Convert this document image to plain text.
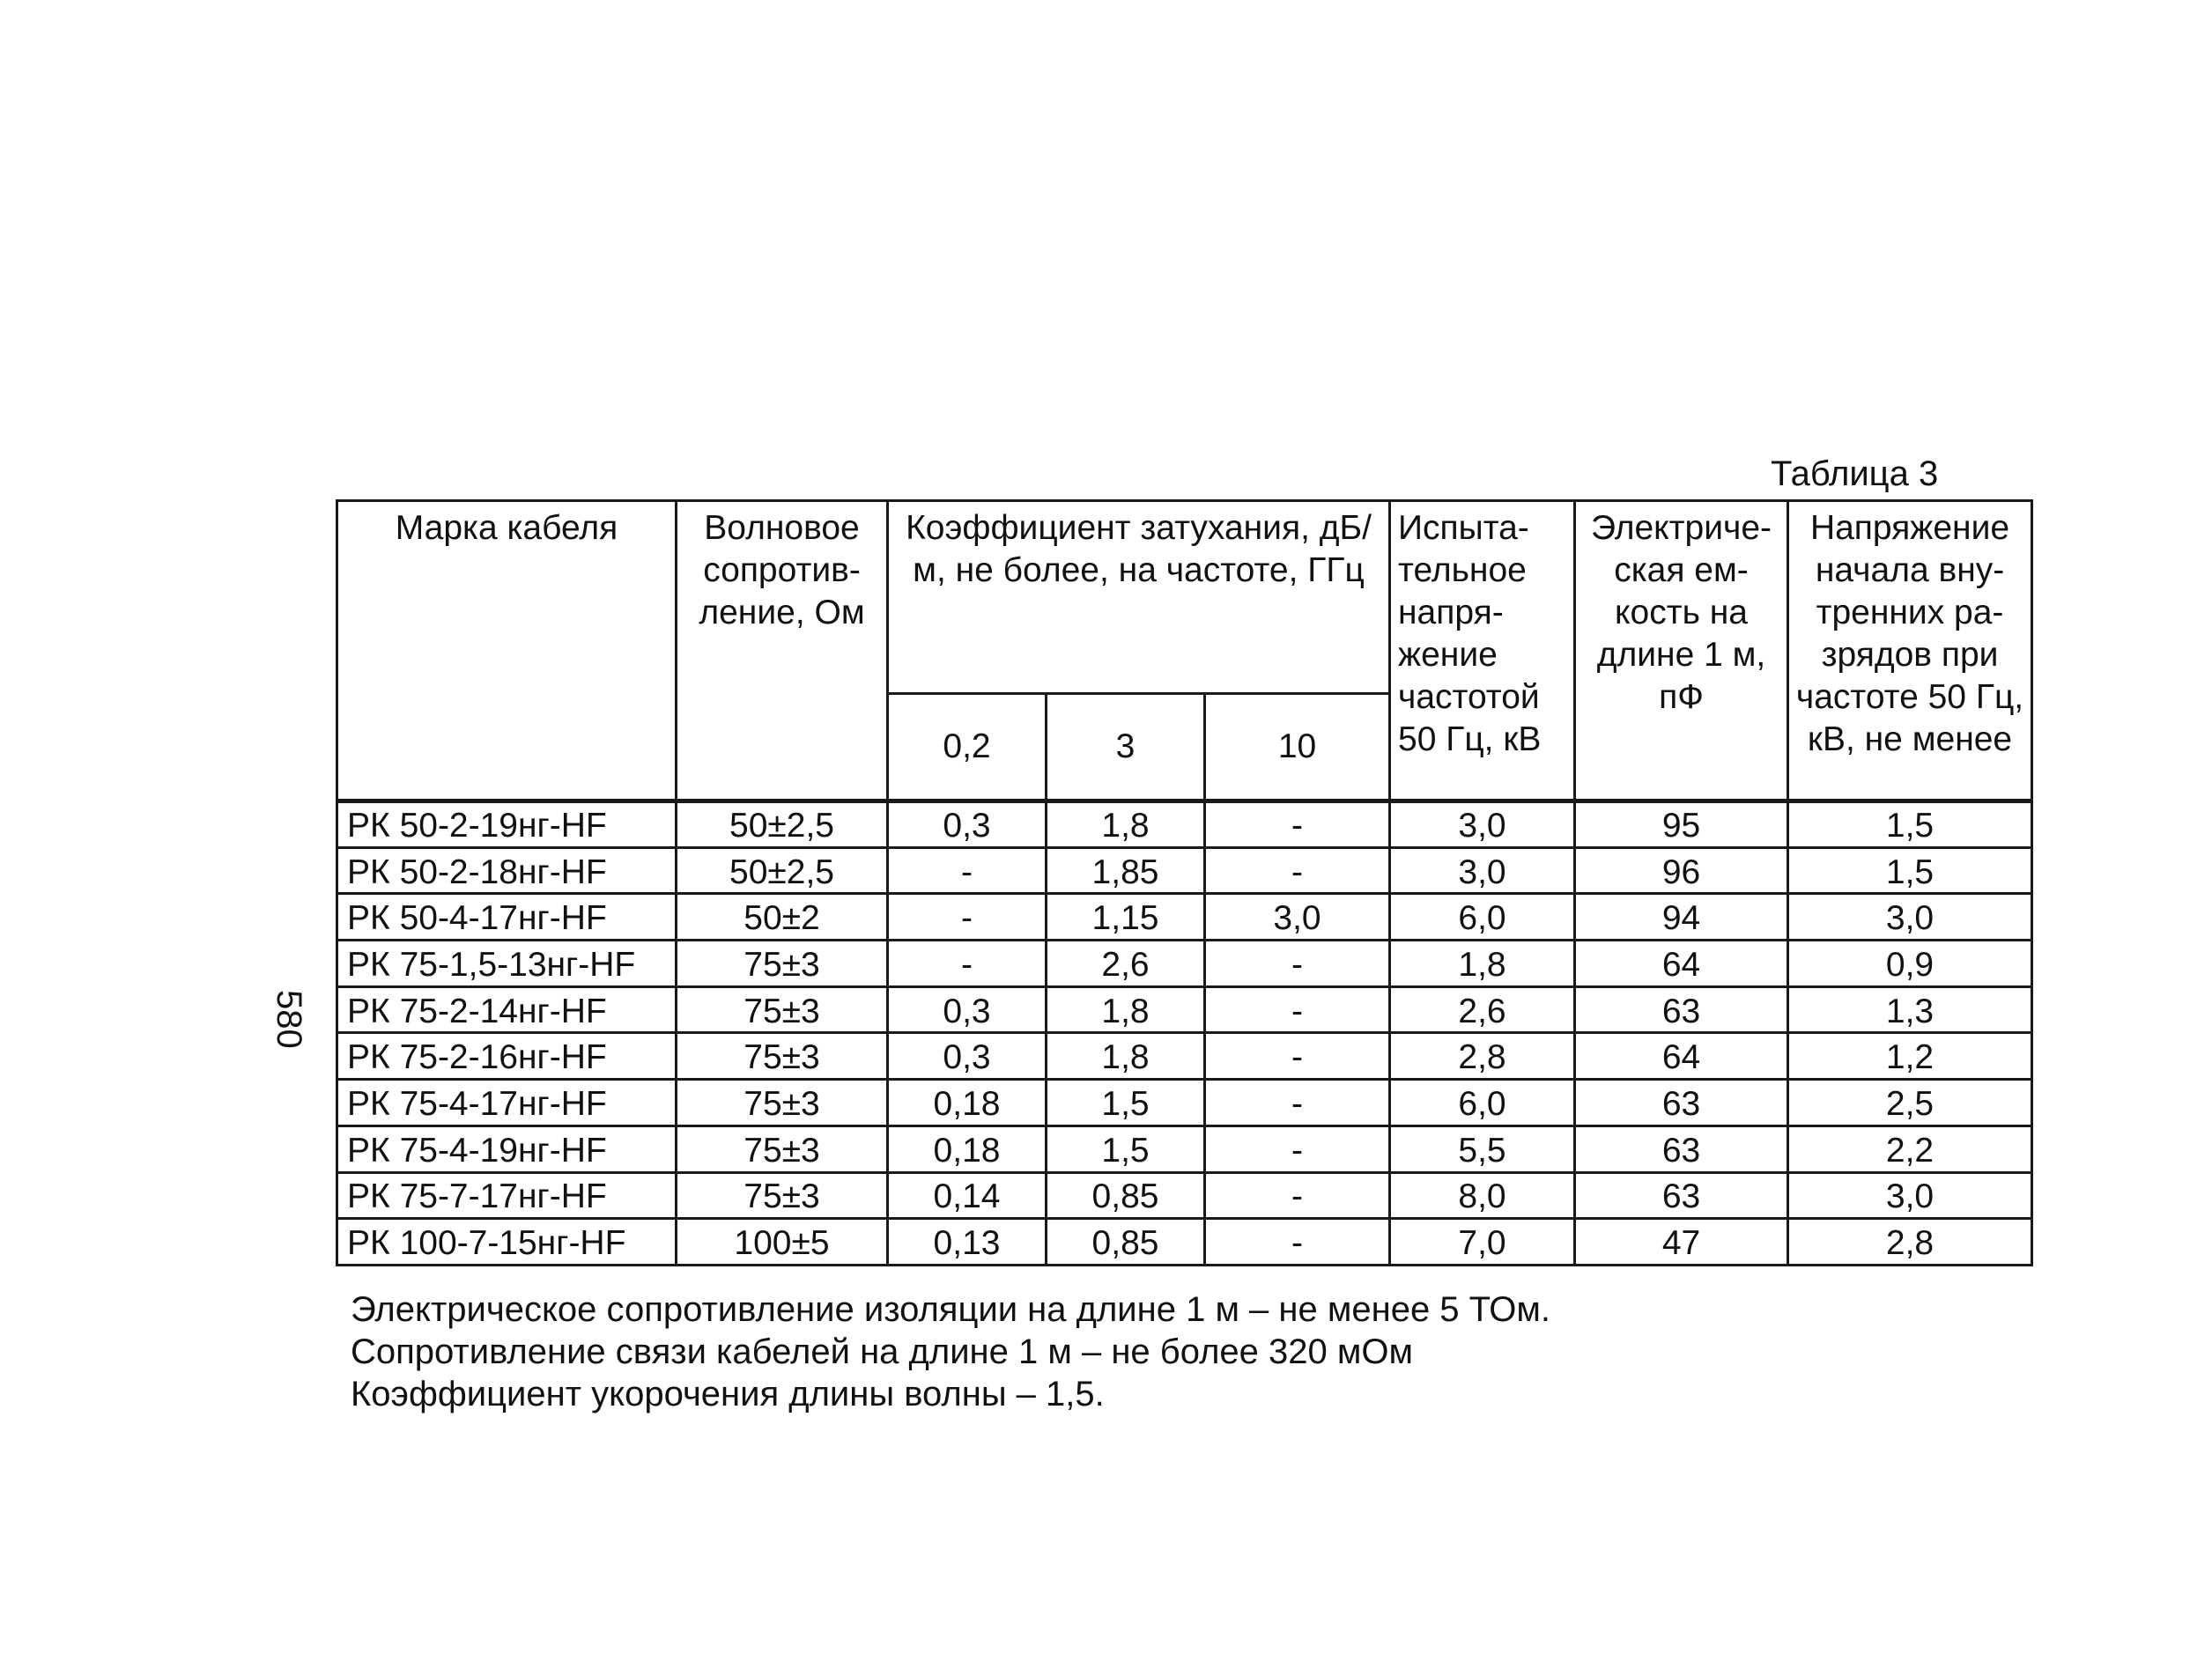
580
Таблица 3
Марка кабеля	Волновое сопротив-ление, Ом	Коэффициент затухания, дБ/м, не более, на частоте, ГГц			Испыта-тельное напря-жение частотой 50 Гц, кВ	Электриче-ская ем-кость на длине 1 м, пФ	Напряжение начала вну-тренних ра-зрядов при частоте 50 Гц, кВ, не менее
		0,2	3	10			
РК 50-2-19нг-HF	50±2,5	0,3	1,8	-	3,0	95	1,5
РК 50-2-18нг-HF	50±2,5	-	1,85	-	3,0	96	1,5
РК 50-4-17нг-HF	50±2	-	1,15	3,0	6,0	94	3,0
РК 75-1,5-13нг-HF	75±3	-	2,6	-	1,8	64	0,9
РК 75-2-14нг-HF	75±3	0,3	1,8	-	2,6	63	1,3
РК 75-2-16нг-HF	75±3	0,3	1,8	-	2,8	64	1,2
РК 75-4-17нг-HF	75±3	0,18	1,5	-	6,0	63	2,5
РК 75-4-19нг-HF	75±3	0,18	1,5	-	5,5	63	2,2
РК 75-7-17нг-HF	75±3	0,14	0,85	-	8,0	63	3,0
РК 100-7-15нг-HF	100±5	0,13	0,85	-	7,0	47	2,8

Электрическое сопротивление изоляции на длине 1 м – не менее 5 ТОм.

Сопротивление связи кабелей на длине 1 м – не более 320 мОм

Коэффициент укорочения длины волны – 1,5.
